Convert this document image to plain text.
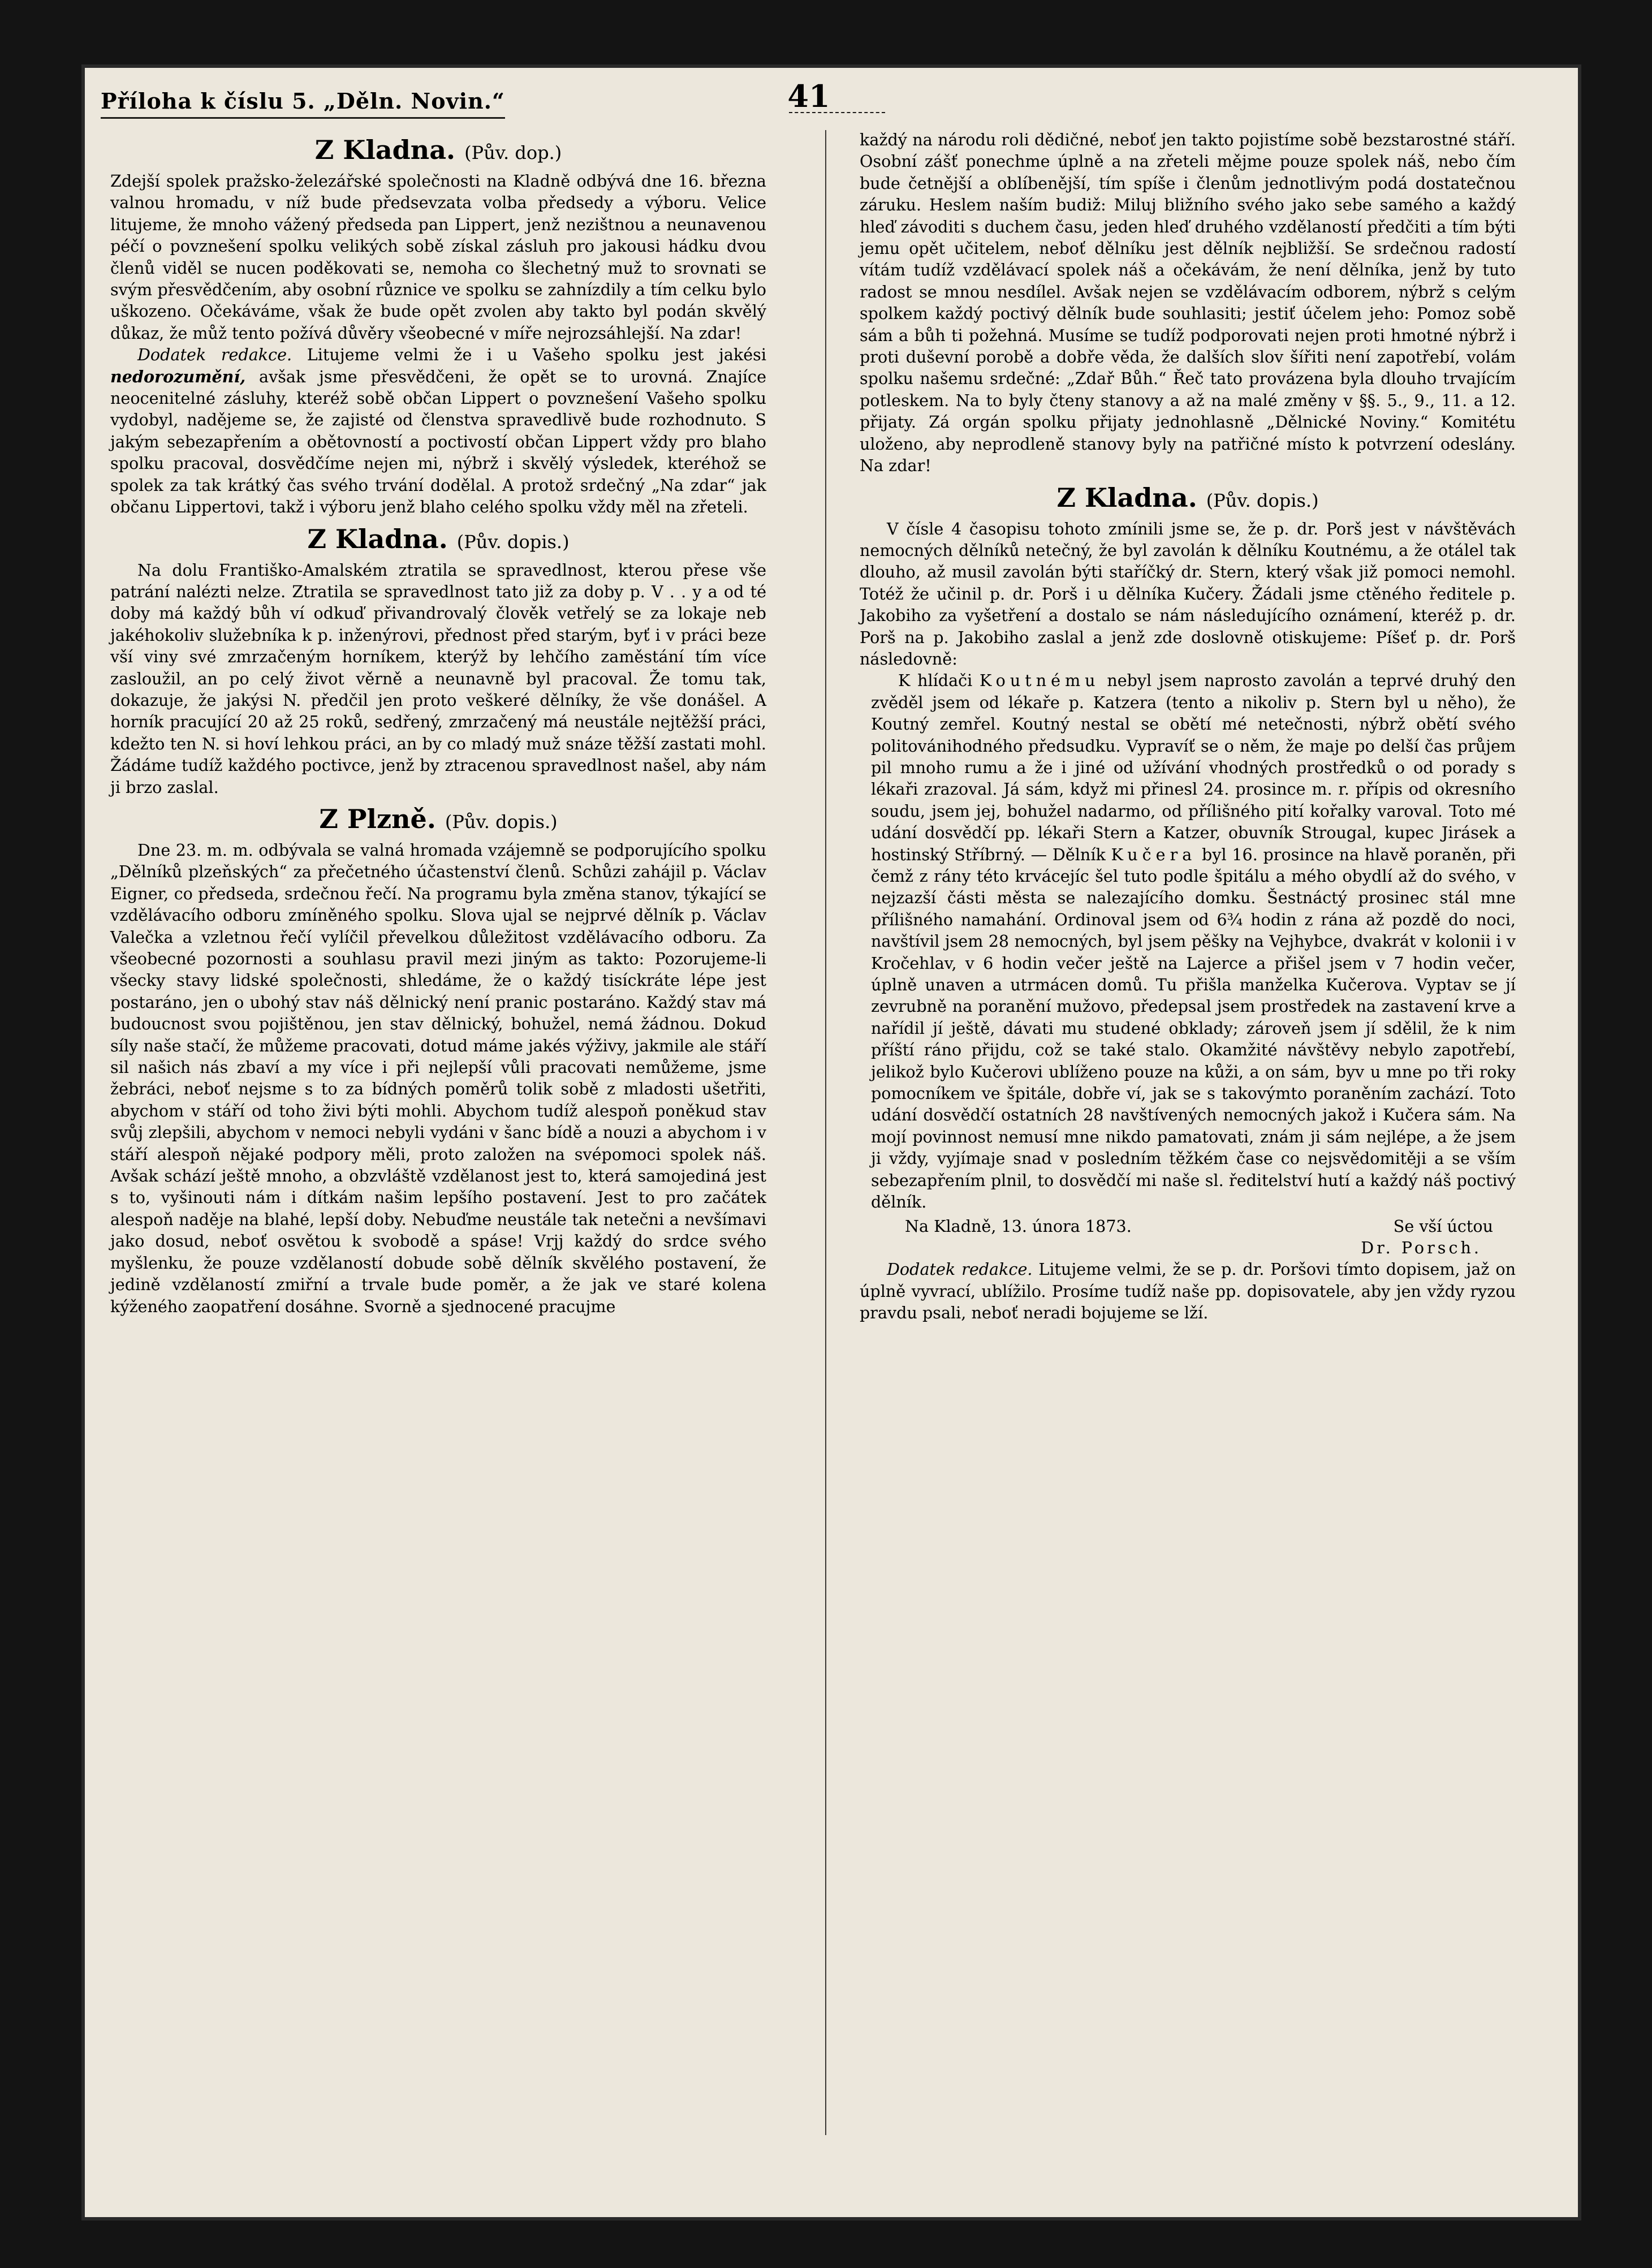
Příloha k číslu 5. „Děln. Novin.“	41
Z Kladna. (Pův. dop.)

Zdejší spolek pražsko-železářské společnosti na Kladně odbývá dne 16. března valnou hromadu, v níž bude předsevzata volba předsedy a výboru. Velice litujeme, že mnoho vážený předseda pan Lippert, jenž nezištnou a neunavenou péčí o povznešení spolku velikých sobě získal zásluh pro jakousi hádku dvou členů viděl se nucen poděkovati se, nemoha co šlechetný muž to srovnati se svým přesvědčením, aby osobní různice ve spolku se zahnízdily a tím celku bylo uškozeno. Očekáváme, však že bude opět zvolen aby takto byl podán skvělý důkaz, že můž tento požívá důvěry všeobecné v míře nejrozsáhlejší. Na zdar!

Dodatek redakce. Litujeme velmi že i u Vašeho spolku jest jakési nedorozumění, avšak jsme přesvědčeni, že opět se to urovná. Znajíce neocenitelné zásluhy, kteréž sobě občan Lippert o povznešení Vašeho spolku vydobyl, nadějeme se, že zajisté od členstva spravedlivě bude rozhodnuto. S jakým sebezapřením a obětovností a poctivostí občan Lippert vždy pro blaho spolku pracoval, dosvědčíme nejen mi, nýbrž i skvělý výsledek, kteréhož se spolek za tak krátký čas svého trvání dodělal. A protož srdečný „Na zdar“ jak občanu Lippertovi, takž i výboru jenž blaho celého spolku vždy měl na zřeteli.

Z Kladna. (Pův. dopis.)

Na dolu Františko-Amalském ztratila se spravedlnost, kterou přese vše patrání nalézti nelze. Ztratila se spravedlnost tato již za doby p. V . . y a od té doby má každý bůh ví odkuď přivandrovalý člověk vetřelý se za lokaje neb jakéhokoliv služebníka k p. inženýrovi, přednost před starým, byť i v práci beze vší viny své zmrzačeným horníkem, kterýž by lehčího zaměstání tím více zasloužil, an po celý život věrně a neunavně byl pracoval. Že tomu tak, dokazuje, že jakýsi N. předčil jen proto veškeré dělníky, že vše donášel. A horník pracující 20 až 25 roků, sedřený, zmrzačený má neustále nejtěžší práci, kdežto ten N. si hoví lehkou práci, an by co mladý muž snáze těžší zastati mohl. Žádáme tudíž každého poctivce, jenž by ztracenou spravedlnost našel, aby nám ji brzo zaslal.

Z Plzně. (Pův. dopis.)

Dne 23. m. m. odbývala se valná hromada vzájemně se podporujícího spolku „Dělníků plzeňských“ za přečetného účastenství členů. Schůzi zahájil p. Václav Eigner, co předseda, srdečnou řečí. Na programu byla změna stanov, týkající se vzdělávacího odboru zmíněného spolku. Slova ujal se nejprvé dělník p. Václav Valečka a vzletnou řečí vylíčil převelkou důležitost vzdělávacího odboru. Za všeobecné pozornosti a souhlasu pravil mezi jiným as takto: Pozorujeme-li všecky stavy lidské společnosti, shledáme, že o každý tisíckráte lépe jest postaráno, jen o ubohý stav náš dělnický není pranic postaráno. Každý stav má budoucnost svou pojištěnou, jen stav dělnický, bohužel, nemá žádnou. Dokud síly naše stačí, že můžeme pracovati, dotud máme jakés výživy, jakmile ale stáří sil našich nás zbaví a my více i při nejlepší vůli pracovati nemůžeme, jsme žebráci, neboť nejsme s to za bídných poměrů tolik sobě z mladosti ušetřiti, abychom v stáří od toho živi býti mohli. Abychom tudíž alespoň poněkud stav svůj zlepšili, abychom v nemoci nebyli vydáni v šanc bídě a nouzi a abychom i v stáří alespoň nějaké podpory měli, proto založen na svépomoci spolek náš. Avšak schází ještě mnoho, a obzvláště vzdělanost jest to, která samojediná jest s to, vyšinouti nám i dítkám našim lepšího postavení. Jest to pro začátek alespoň naděje na blahé, lepší doby. Nebuďme neustále tak netečni a nevšímavi jako dosud, neboť osvětou k svobodě a spáse! Vrjj každý do srdce svého myšlenku, že pouze vzdělaností dobude sobě dělník skvělého postavení, že jedině vzdělaností zmiřní a trvale bude poměr, a že jak ve staré kolena kýženého zaopatření dosáhne. Svorně a sjednocené pracujme

každý na národu roli dědičné, neboť jen takto pojistíme sobě bezstarostné stáří. Osobní zášť ponechme úplně a na zřeteli mějme pouze spolek náš, nebo čím bude četnější a oblíbenější, tím spíše i členům jednotlivým podá dostatečnou záruku. Heslem naším budiž: Miluj bližního svého jako sebe samého a každý hleď závoditi s duchem času, jeden hleď druhého vzdělaností předčiti a tím býti jemu opět učitelem, neboť dělníku jest dělník nejbližší. Se srdečnou radostí vítám tudíž vzdělávací spolek náš a očekávám, že není dělníka, jenž by tuto radost se mnou nesdílel. Avšak nejen se vzdělávacím odborem, nýbrž s celým spolkem každý poctivý dělník bude souhlasiti; jestiť účelem jeho: Pomoz sobě sám a bůh ti požehná. Musíme se tudíž podporovati nejen proti hmotné nýbrž i proti duševní porobě a dobře věda, že dalších slov šířiti není zapotřebí, volám spolku našemu srdečné: „Zdař Bůh.“ Řeč tato provázena byla dlouho trvajícím potleskem. Na to byly čteny stanovy a až na malé změny v §§. 5., 9., 11. a 12. přijaty. Zá orgán spolku přijaty jednohlasně „Dělnické Noviny.“ Komitétu uloženo, aby neprodleně stanovy byly na patřičné místo k potvrzení odeslány. Na zdar!

Z Kladna. (Pův. dopis.)

V čísle 4 časopisu tohoto zmínili jsme se, že p. dr. Porš jest v návštěvách nemocných dělníků netečný, že byl zavolán k dělníku Koutnému, a že otálel tak dlouho, až musil zavolán býti staříčký dr. Stern, který však již pomoci nemohl. Totéž že učinil p. dr. Porš i u dělníka Kučery. Žádali jsme ctěného ředitele p. Jakobiho za vyšetření a dostalo se nám následujícího oznámení, kteréž p. dr. Porš na p. Jakobiho zaslal a jenž zde doslovně otiskujeme: Píšeť p. dr. Porš následovně:

K hlídači Koutnému nebyl jsem naprosto zavolán a teprvé druhý den zvěděl jsem od lékaře p. Katzera (tento a nikoliv p. Stern byl u něho), že Koutný zemřel. Koutný nestal se obětí mé netečnosti, nýbrž obětí svého politovánihodného předsudku. Vypravíť se o něm, že maje po delší čas průjem pil mnoho rumu a že i jiné od užívání vhodných prostředků o od porady s lékaři zrazoval. Já sám, když mi přinesl 24. prosince m. r. přípis od okresního soudu, jsem jej, bohužel nadarmo, od přílišného pití kořalky varoval. Toto mé udání dosvědčí pp. lékaři Stern a Katzer, obuvník Strougal, kupec Jirásek a hostinský Stříbrný. — Dělník Kučera byl 16. prosince na hlavě poraněn, při čemž z rány této krvácejíc šel tuto podle špitálu a mého obydlí až do svého, v nejzazší části města se nalezajícího domku. Šestnáctý prosinec stál mne přílišného namahání. Ordinoval jsem od 6¾ hodin z rána až pozdě do noci, navštívil jsem 28 nemocných, byl jsem pěšky na Vejhybce, dvakrát v kolonii i v Kročehlav, v 6 hodin večer ještě na Lajerce a přišel jsem v 7 hodin večer, úplně unaven a utrmácen domů. Tu přišla manželka Kučerova. Vyptav se jí zevrubně na poranění mužovo, předepsal jsem prostředek na zastavení krve a nařídil jí ještě, dávati mu studené obklady; zároveň jsem jí sdělil, že k nim příští ráno přijdu, což se také stalo. Okamžité návštěvy nebylo zapotřebí, jelikož bylo Kučerovi ublíženo pouze na kůži, a on sám, byv u mne po tři roky pomocníkem ve špitále, dobře ví, jak se s takovýmto poraněním zachází. Toto udání dosvědčí ostatních 28 navštívených nemocných jakož i Kučera sám. Na mojí povinnost nemusí mne nikdo pamatovati, znám ji sám nejlépe, a že jsem ji vždy, vyjímaje snad v posledním těžkém čase co nejsvědomitěji a se vším sebezapřením plnil, to dosvědčí mi naše sl. ředitelství hutí a každý náš poctivý dělník.

Na Kladně, 13. února 1873.	Se vší úctou
Dr. Porsch.

Dodatek redakce. Litujeme velmi, že se p. dr. Poršovi tímto dopisem, jaž on úplně vyvrací, ublížilo. Prosíme tudíž naše pp. dopisovatele, aby jen vždy ryzou pravdu psali, neboť neradi bojujeme se lží.
